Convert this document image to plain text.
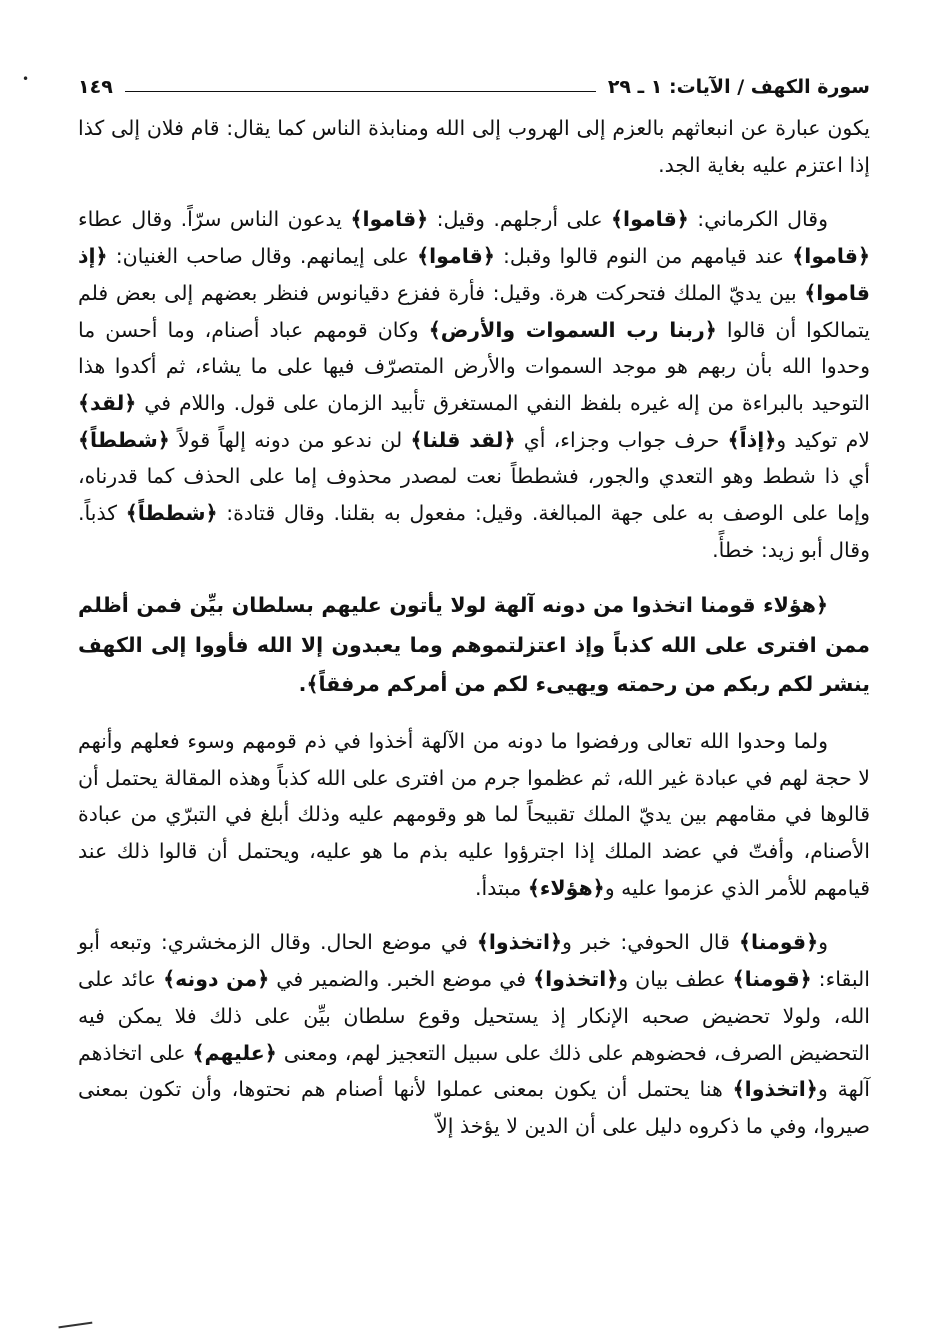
•	سورة الكهف / الآيات: ١ ـ ٢٩
١٤٩

يكون عبارة عن انبعاثهم بالعزم إلى الهروب إلى الله ومنابذة الناس كما يقال: قام فلان إلى كذا إذا اعتزم عليه بغاية الجد.

وقال الكرماني: ﴿قاموا﴾ على أرجلهم. وقيل: ﴿قاموا﴾ يدعون الناس سرّاً. وقال عطاء ﴿قاموا﴾ عند قيامهم من النوم قالوا وقبل: ﴿قاموا﴾ على إيمانهم. وقال صاحب الغنيان: ﴿إذ قاموا﴾ بين يديّ الملك فتحركت هرة. وقيل: فأرة ففزع دقيانوس فنظر بعضهم إلى بعض فلم يتمالكوا أن قالوا ﴿ربنا رب السموات والأرض﴾ وكان قومهم عباد أصنام، وما أحسن ما وحدوا الله بأن ربهم هو موجد السموات والأرض المتصرّف فيها على ما يشاء، ثم أكدوا هذا التوحيد بالبراءة من إله غيره بلفظ النفي المستغرق تأبيد الزمان على قول. واللام في ﴿لقد﴾ لام توكيد و﴿إذاً﴾ حرف جواب وجزاء، أي ﴿لقد قلنا﴾ لن ندعو من دونه إلهاً قولاً ﴿شططاً﴾ أي ذا شطط وهو التعدي والجور، فشططاً نعت لمصدر محذوف إما على الحذف كما قدرناه، وإما على الوصف به على جهة المبالغة. وقيل: مفعول به بقلنا. وقال قتادة: ﴿شططاً﴾ كذباً. وقال أبو زيد: خطأً.

﴿هؤلاء قومنا اتخذوا من دونه آلهة لولا يأتون عليهم بسلطان بيِّن فمن أظلم ممن افترى على الله كذباً وإذ اعتزلتموهم وما يعبدون إلا الله فأووا إلى الكهف ينشر لكم ربكم من رحمته ويهيىء لكم من أمركم مرفقاً﴾.

ولما وحدوا الله تعالى ورفضوا ما دونه من الآلهة أخذوا في ذم قومهم وسوء فعلهم وأنهم لا حجة لهم في عبادة غير الله، ثم عظموا جرم من افترى على الله كذباً وهذه المقالة يحتمل أن قالوها في مقامهم بين يديّ الملك تقبيحاً لما هو وقومهم عليه وذلك أبلغ في التبرّي من عبادة الأصنام، وأفتّ في عضد الملك إذا اجترؤوا عليه بذم ما هو عليه، ويحتمل أن قالوا ذلك عند قيامهم للأمر الذي عزموا عليه و﴿هؤلاء﴾ مبتدأ.

و﴿قومنا﴾ قال الحوفي: خبر و﴿اتخذوا﴾ في موضع الحال. وقال الزمخشري: وتبعه أبو البقاء: ﴿قومنا﴾ عطف بيان و﴿اتخذوا﴾ في موضع الخبر. والضمير في ﴿من دونه﴾ عائد على الله، ولولا تحضيض صحبه الإنكار إذ يستحيل وقوع سلطان بيِّن على ذلك فلا يمكن فيه التحضيض الصرف، فحضوهم على ذلك على سبيل التعجيز لهم، ومعنى ﴿عليهم﴾ على اتخاذهم آلهة و﴿اتخذوا﴾ هنا يحتمل أن يكون بمعنى عملوا لأنها أصنام هم نحتوها، وأن تكون بمعنى صيروا، وفي ما ذكروه دليل على أن الدين لا يؤخذ إلاّ
